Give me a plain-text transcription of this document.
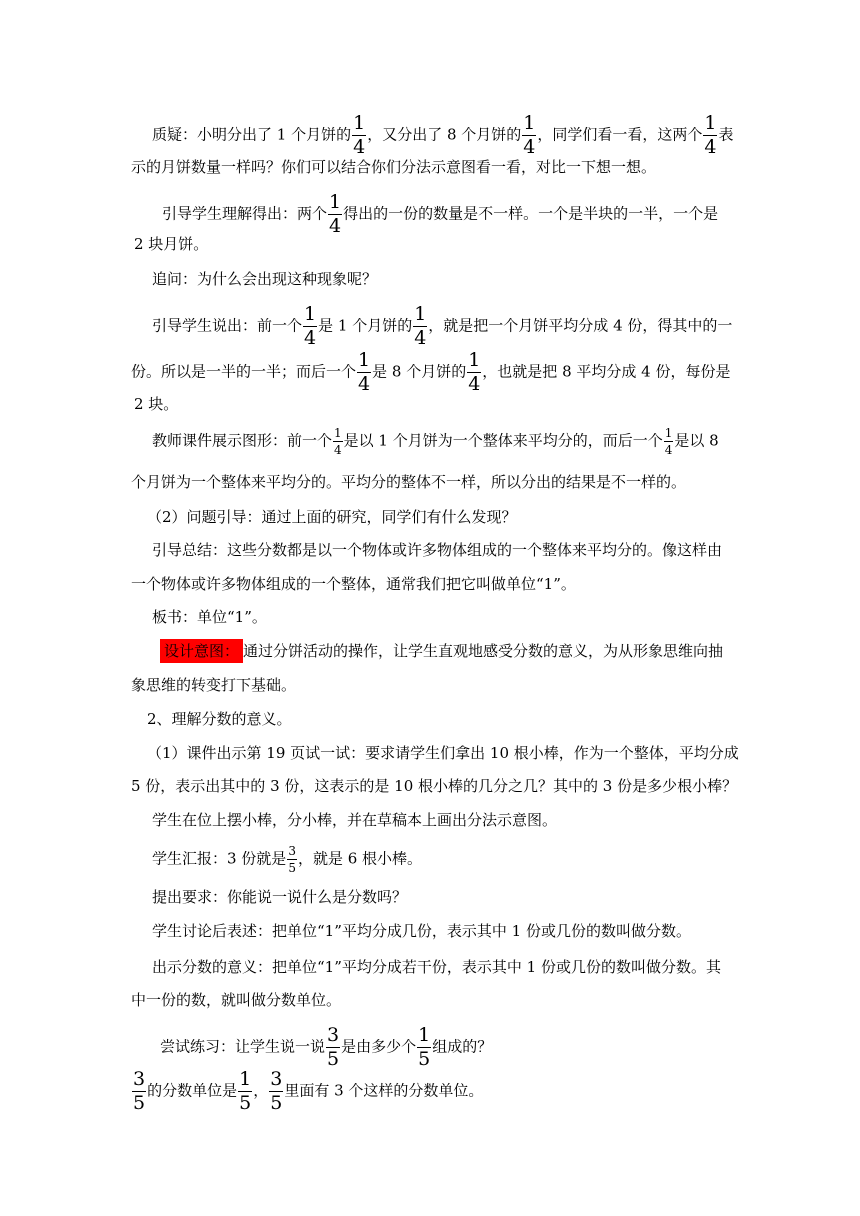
质疑：小明分出了 1 个月饼的 $\frac{1}{4}$ ，又分出了 8 个月饼的 $\frac{1}{4}$ ，同学们看一看，这两个 $\frac{1}{4}$ 表
示的月饼数量一样吗？你们可以结合你们分法示意图看一看，对比一下想一想。
引导学生理解得出：两个 $\frac{1}{4}$ 得出的一份的数量是不一样。一个是半块的一半，一个是
2 块月饼。
追问：为什么会出现这种现象呢？
引导学生说出：前一个 $\frac{1}{4}$ 是 1 个月饼的 $\frac{1}{4}$ ，就是把一个月饼平均分成 4 份，得其中的一
份。所以是一半的一半；而后一个 $\frac{1}{4}$ 是 8 个月饼的 $\frac{1}{4}$ ，也就是把 8 平均分成 4 份，每份是
2 块。
教师课件展示图形：前一个 $\frac{1}{4}$ 是以 1 个月饼为一个整体来平均分的，而后一个 $\frac{1}{4}$ 是以 8
个月饼为一个整体来平均分的。平均分的整体不一样，所以分出的结果是不一样的。
（2）问题引导：通过上面的研究，同学们有什么发现？
引导总结：这些分数都是以一个物体或许多物体组成的一个整体来平均分的。像这样由
一个物体或许多物体组成的一个整体，通常我们把它叫做单位“1”。
板书：单位“1”。
设计意图： 通过分饼活动的操作，让学生直观地感受分数的意义，为从形象思维向抽
象思维的转变打下基础。
2、理解分数的意义。
（1）课件出示第 19 页试一试：要求请学生们拿出 10 根小棒，作为一个整体，平均分成
5 份，表示出其中的 3 份，这表示的是 10 根小棒的几分之几？其中的 3 份是多少根小棒？
学生在位上摆小棒，分小棒，并在草稿本上画出分法示意图。
学生汇报：3 份就是 $\frac{3}{5}$ ，就是 6 根小棒。
提出要求：你能说一说什么是分数吗？
学生讨论后表述：把单位“1”平均分成几份，表示其中 1 份或几份的数叫做分数。
出示分数的意义：把单位“1”平均分成若干份，表示其中 1 份或几份的数叫做分数。其
中一份的数，就叫做分数单位。
尝试练习：让学生说一说 $\frac{3}{5}$ 是由多少个 $\frac{1}{5}$ 组成的？
$\frac{3}{5}$ 的分数单位是 $\frac{1}{5}$ ， $\frac{3}{5}$ 里面有 3 个这样的分数单位。
